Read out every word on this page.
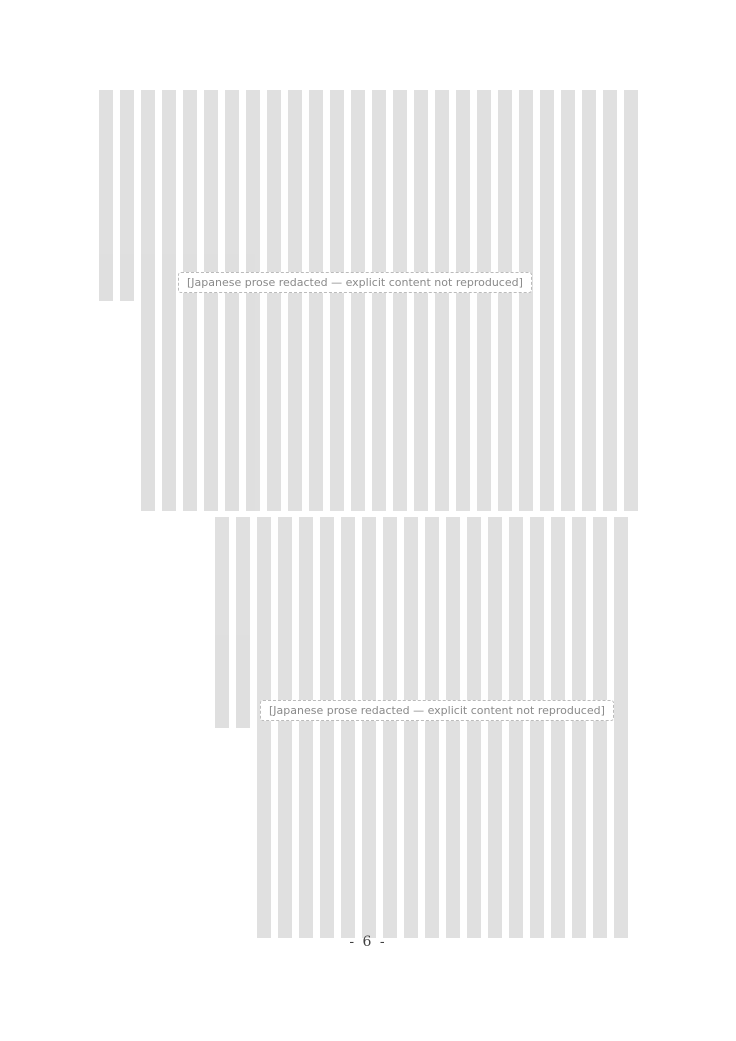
[Japanese prose redacted — explicit content not reproduced]
[Japanese prose redacted — explicit content not reproduced]
- 6 -
